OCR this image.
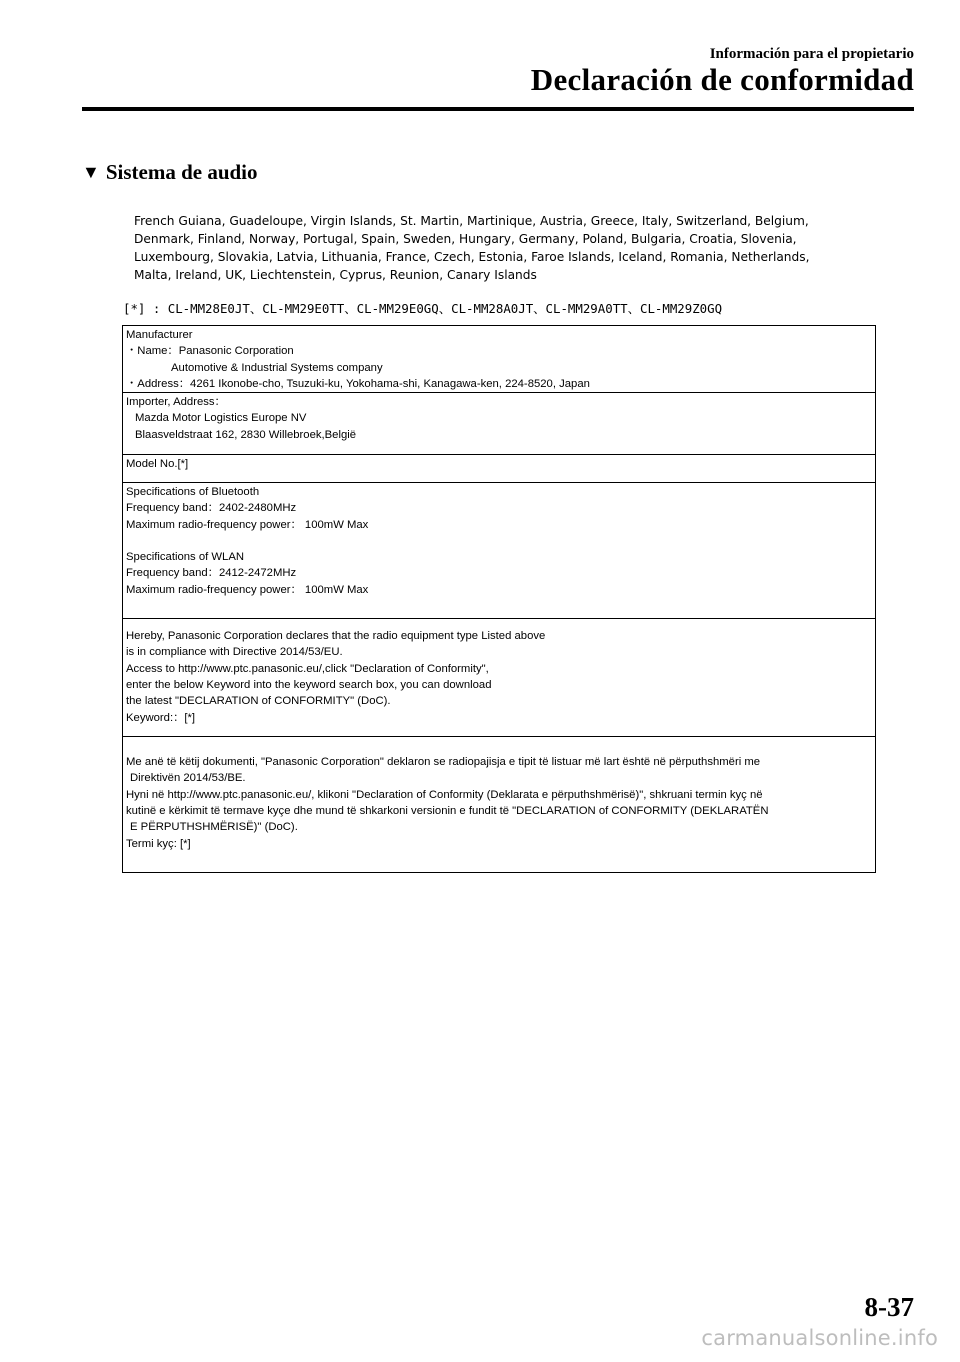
Información para el propietario
Declaración de conformidad
▼ Sistema de audio
French Guiana, Guadeloupe, Virgin Islands, St. Martin, Martinique, Austria, Greece, Italy, Switzerland, Belgium,
Denmark, Finland, Norway, Portugal, Spain, Sweden, Hungary, Germany, Poland, Bulgaria, Croatia, Slovenia,
Luxembourg, Slovakia, Latvia, Lithuania, France, Czech, Estonia, Faroe Islands, Iceland, Romania, Netherlands,
Malta, Ireland, UK, Liechtenstein, Cyprus, Reunion, Canary Islands
[*] : CL-MM28E0JT、CL-MM29E0TT、CL-MM29E0GQ、CL-MM28A0JT、CL-MM29A0TT、CL-MM29Z0GQ
Manufacturer
・Name：Panasonic Corporation
Automotive & Industrial Systems company
・Address：4261 Ikonobe-cho, Tsuzuki-ku, Yokohama-shi, Kanagawa-ken, 224-8520, Japan

Importer, Address：
Mazda Motor Logistics Europe NV
Blaasveldstraat 162, 2830 Willebroek,België

Model No.[*]

Specifications of Bluetooth
Frequency band：2402-2480MHz
Maximum radio-frequency power： 100mW Max
Specifications of WLAN
Frequency band：2412-2472MHz
Maximum radio-frequency power： 100mW Max

Hereby, Panasonic Corporation declares that the radio equipment type Listed above
is in compliance with Directive 2014/53/EU.
Access to http://www.ptc.panasonic.eu/,click "Declaration of Conformity",
enter the below Keyword into the keyword search box, you can download
the latest "DECLARATION of CONFORMITY" (DoC).
Keyword:：[*]

Me anë të këtij dokumenti, "Panasonic Corporation" deklaron se radiopajisja e tipit të listuar më lart është në përputhshmëri me
Direktivën 2014/53/BE.
Hyni në http://www.ptc.panasonic.eu/, klikoni "Declaration of Conformity (Deklarata e përputhshmërisë)", shkruani termin kyç në
kutinë e kërkimit të termave kyçe dhe mund të shkarkoni versionin e fundit të "DECLARATION of CONFORMITY (DEKLARATËN
E PËRPUTHSHMËRISË)" (DoC).
Termi kyç: [*]
8-37
carmanualsonline.info
